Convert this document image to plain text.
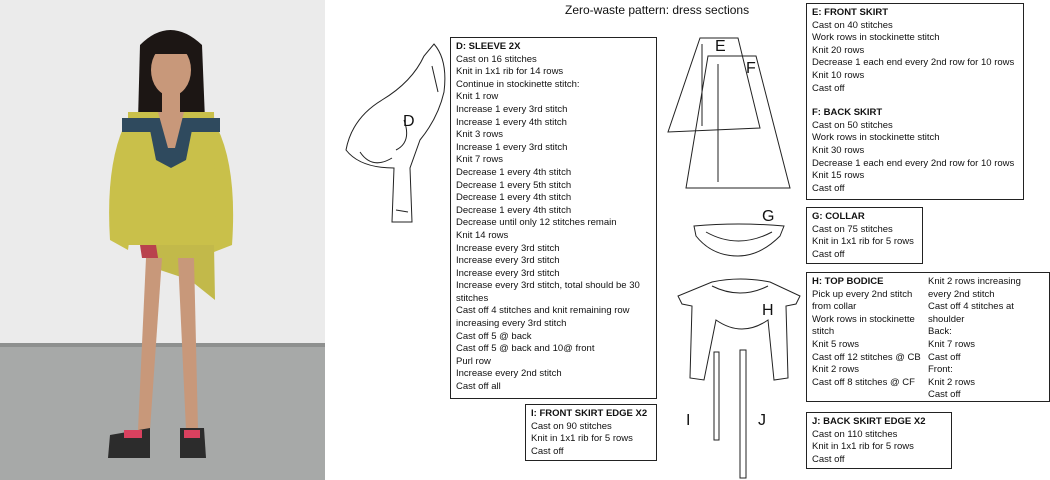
Zero-waste pattern: dress sections
D
E
F
G
H
I	J
D: SLEEVE 2X
Cast on 16 stitches
Knit in 1x1 rib for 14 rows
Continue in stockinette stitch:
Knit 1 row
Increase 1 every 3rd stitch
Increase 1 every 4th stitch
Knit 3 rows
Increase 1 every 3rd stitch
Knit 7 rows
Decrease 1 every 4th stitch
Decrease 1 every 5th stitch
Decrease 1 every 4th stitch
Decrease 1 every 4th stitch
Decrease until only 12 stitches remain
Knit 14 rows
Increase every 3rd stitch
Increase every 3rd stitch
Increase every 3rd stitch
Increase every 3rd stitch, total should be 30 stitches
Cast off 4 stitches and knit remaining row increasing every 3rd stitch
Cast off 5 @ back
Cast off 5 @ back and 10@ front
Purl row
Increase every 2nd stitch
Cast off all
E: FRONT SKIRT
Cast on 40 stitches
Work rows in stockinette stitch
Knit 20 rows
Decrease 1 each end every 2nd row for 10 rows
Knit 10 rows
Cast off
F: BACK SKIRT
Cast on 50 stitches
Work rows in stockinette stitch
Knit 30 rows
Decrease 1 each end every 2nd row for 10 rows
Knit 15 rows
Cast off
G: COLLAR
Cast on 75 stitches
Knit in 1x1 rib for 5 rows
Cast off
H: TOP BODICE
Pick up every 2nd stitch from collar
Work rows in stockinette stitch
Knit 5 rows
Cast off 12 stitches @ CB
Knit 2 rows
Cast off 8 stitches @ CF
Knit 2 rows increasing every 2nd stitch
Cast off 4 stitches at shoulder
Back:
Knit 7 rows
Cast off
Front:
Knit 2 rows
Cast off
I: FRONT SKIRT EDGE X2
Cast on 90 stitches
Knit in 1x1 rib for 5 rows
Cast off
J: BACK SKIRT EDGE X2
Cast on 110 stitches
Knit in 1x1 rib for 5 rows
Cast off
